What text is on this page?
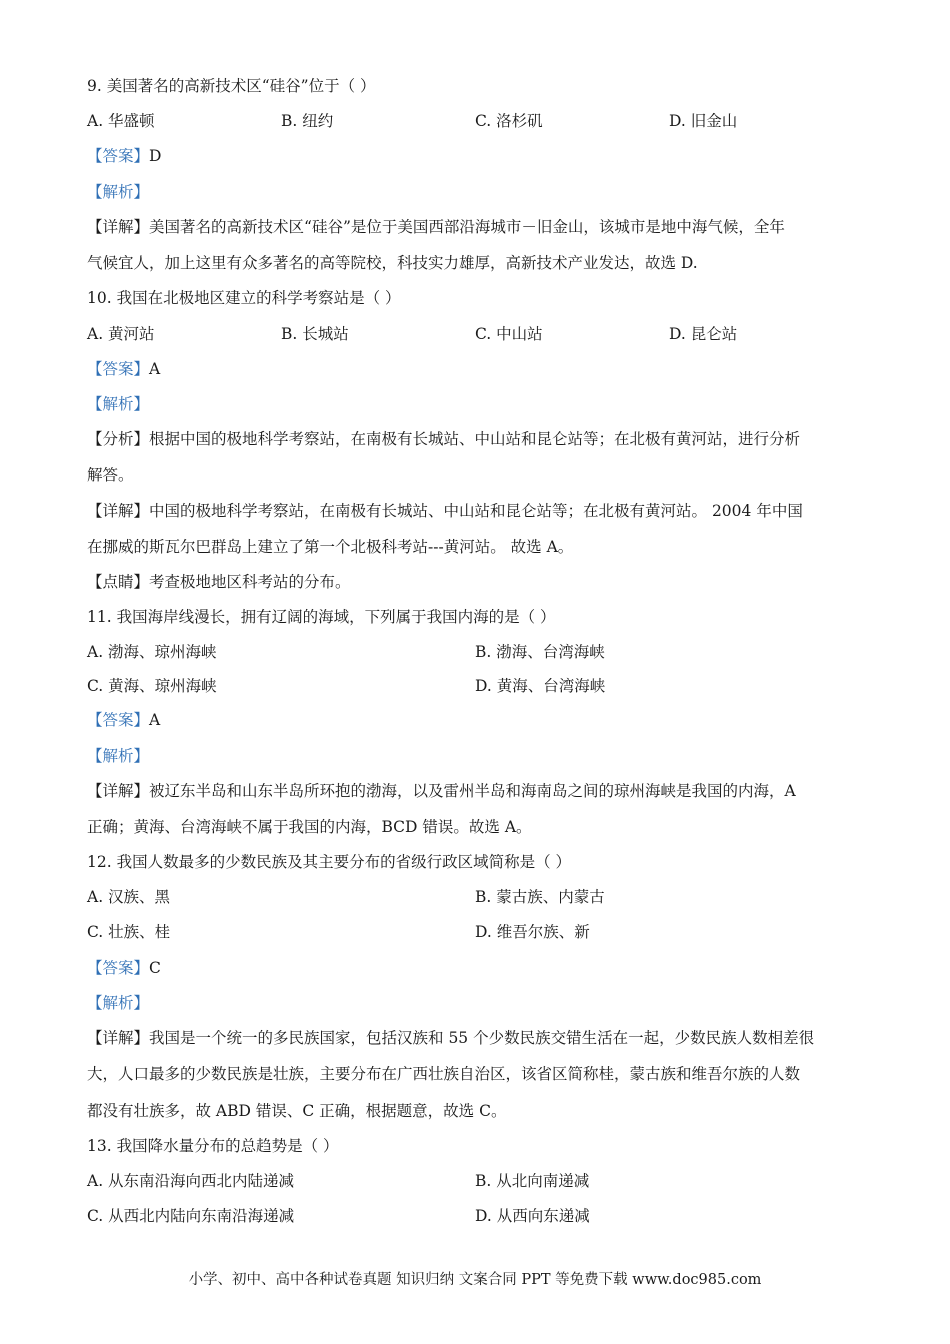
9. 美国著名的高新技术区“硅谷”位于（ ）
A. 华盛顿	B. 纽约	C. 洛杉矶	D. 旧金山
【答案】D
【解析】
【详解】美国著名的高新技术区“硅谷”是位于美国西部沿海城市－旧金山，该城市是地中海气候，全年
气候宜人，加上这里有众多著名的高等院校，科技实力雄厚，高新技术产业发达，故选 D.
10. 我国在北极地区建立的科学考察站是（ ）
A. 黄河站	B. 长城站	C. 中山站	D. 昆仑站
【答案】A
【解析】
【分析】根据中国的极地科学考察站，在南极有长城站、中山站和昆仑站等；在北极有黄河站，进行分析
解答。
【详解】中国的极地科学考察站，在南极有长城站、中山站和昆仑站等；在北极有黄河站。 2004 年中国
在挪威的斯瓦尔巴群岛上建立了第一个北极科考站---黄河站。 故选 A。
【点睛】考查极地地区科考站的分布。
11. 我国海岸线漫长，拥有辽阔的海域，下列属于我国内海的是（ ）
A. 渤海、琼州海峡	B. 渤海、台湾海峡
C. 黄海、琼州海峡	D. 黄海、台湾海峡
【答案】A
【解析】
【详解】被辽东半岛和山东半岛所环抱的渤海，以及雷州半岛和海南岛之间的琼州海峡是我国的内海，A
正确；黄海、台湾海峡不属于我国的内海，BCD 错误。故选 A。
12. 我国人数最多的少数民族及其主要分布的省级行政区域简称是（ ）
A. 汉族、黑	B. 蒙古族、内蒙古
C. 壮族、桂	D. 维吾尔族、新
【答案】C
【解析】
【详解】我国是一个统一的多民族国家，包括汉族和 55 个少数民族交错生活在一起，少数民族人数相差很
大，人口最多的少数民族是壮族，主要分布在广西壮族自治区，该省区简称桂，蒙古族和维吾尔族的人数
都没有壮族多，故 ABD 错误、C 正确，根据题意，故选 C。
13. 我国降水量分布的总趋势是（ ）
A. 从东南沿海向西北内陆递减	B. 从北向南递减
C. 从西北内陆向东南沿海递减	D. 从西向东递减
小学、初中、高中各种试卷真题 知识归纳 文案合同 PPT 等免费下载 www.doc985.com
